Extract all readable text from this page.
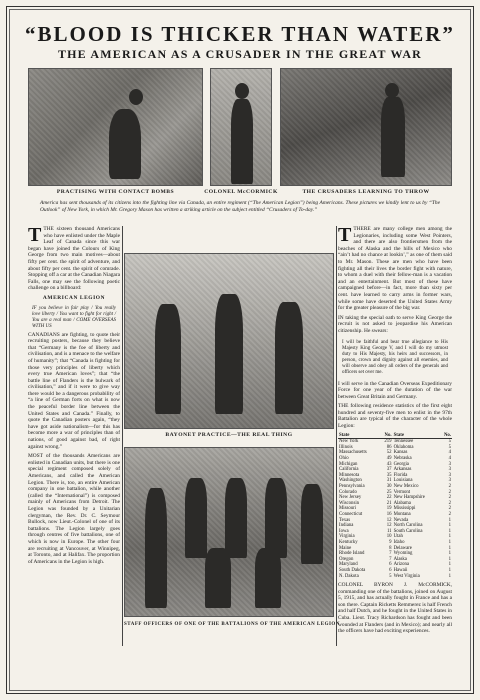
“BLOOD IS THICKER THAN WATER”
THE AMERICAN AS A CRUSADER IN THE GREAT WAR
PRACTISING WITH CONTACT BOMBS	COLONEL McCORMICK	THE CRUSADERS LEARNING TO THROW
America has sent thousands of its citizens into the fighting line via Canada, an entire regiment (“The American Legion”) being Americans. These pictures we kindly lent to us by “The Outlook” of New York, in which Mr. Gregory Mason has written a striking article on the subject entitled “Crusaders of To-day.”

TTHE sixteen thousand Americans who have enlisted under the Maple Leaf of Canada since this war began have joined the Colours of King George from two main motives—about fifty per cent. the spirit of adventure, and about fifty per cent. the spirit of comrade. Stopping off a car at the Canadian Niagara Falls, one may see the following poetic challenge on a billboard:

AMERICAN LEGION
IF you believe in fair play / You really love liberty / You want to fight for right / You are a real man / COME OVERSEAS WITH US

CANADIANS are fighting, to quote their recruiting posters, because they believe that “Germany is the foe of liberty and civilisation, and is a menace to the welfare of humanity”; that “Canada is fighting for those very principles of liberty which every true American loves”; that “the battle line of Flanders is the bulwark of civilisation,” and if it were to give way there would be a dangerous probability of “a line of German forts on what is now the peaceful border line between the United States and Canada.” Finally, to quote the Canadian posters again, “they have got aside nationalism—for this has become more a war of principles than of nations, of good against bad, of right against wrong.”

MOST of the thousands Americans are enlisted in Canadian units, but there is one special regiment composed solely of Americans, and called the American Legion. There is, too, an entire American company in one battalion, while another (called the “International”) is composed mainly of Americans from Detroit. The Legion was founded by a Unitarian clergyman, the Rev. Dr. C. Seymour Bullock, now Lieut.-Colonel of one of its battalions. The Legion largely goes through centres of five battalions, one of which is now in Europe. The other four are recruiting at Vancouver, at Winnipeg, at Toronto, and at Halifax. The proportion of Americans in the Legion is high.

BAYONET PRACTICE—THE REAL THING
STAFF OFFICERS OF ONE OF THE BATTALIONS OF THE AMERICAN LEGION

TTHERE are many college men among the Legionaries, including some West Pointers, and there are also frontiersmen from the beaches of Alaska and the hills of Mexico who “ain’t had no chance at lookin’,” as one of them said to Mr. Mason. These are men who have been fighting all their lives the border fight with nature, to whom a duel with their fellow-man is a vacation and an entertainment. But most of these have campaigned before—in fact, more than sixty per cent. have learned to carry arms in former wars, while some have deserted the United States Army for the greater pleasure of the big war.

IN taking the special oath to serve King George the recruit is not asked to jeopardise his American citizenship. He swears:

I will be faithful and bear true allegiance to His Majesty King George V, and I will do my utmost duty to His Majesty, his heirs and successors, in person, crown and dignity against all enemies, and will observe and obey all orders of the generals and officers set over me.

I will serve in the Canadian Overseas Expeditionary Force for one year of the duration of the war between Great Britain and Germany.

THE following residence statistics of the first eight hundred and seventy-five men to enlist in the 97th Battalion are typical of the character of the whole Legion:

State	No.	State	No.
New York	219	Tennessee	5
Illinois	86	Oklahoma	5
Massachusetts	52	Kansas	4
Ohio	49	Nebraska	4
Michigan	43	Georgia	3
California	37	Arkansas	3
Minnesota	35	Florida	3
Washington	31	Louisiana	3
Pennsylvania	30	New Mexico	2
Colorado	25	Vermont	2
New Jersey	22	New Hampshire	2
Wisconsin	21	Alabama	2
Missouri	19	Mississippi	2
Connecticut	16	Montana	2
Texas	12	Nevada	1
Indiana	12	North Carolina	1
Iowa	11	South Carolina	1
Virginia	10	Utah	1
Kentucky	9	Idaho	1
Maine	8	Delaware	1
Rhode Island	7	Wyoming	1
Oregon	7	Alaska	1
Maryland	6	Arizona	1
South Dakota	6	Hawaii	1
N. Dakota	5	West Virginia	1

COLONEL BYRON J. McCORMICK, commanding one of the battalions, joined on August 5, 1915, and has actually fought in France and has a son there. Captain Ricketts Remmerez is half French and half Dutch, and he fought in the United States in Cuba. Lieut. Tracy Richardson has fought and been wounded at Flanders (and in Mexico); and nearly all the officers have had exciting experiences.
